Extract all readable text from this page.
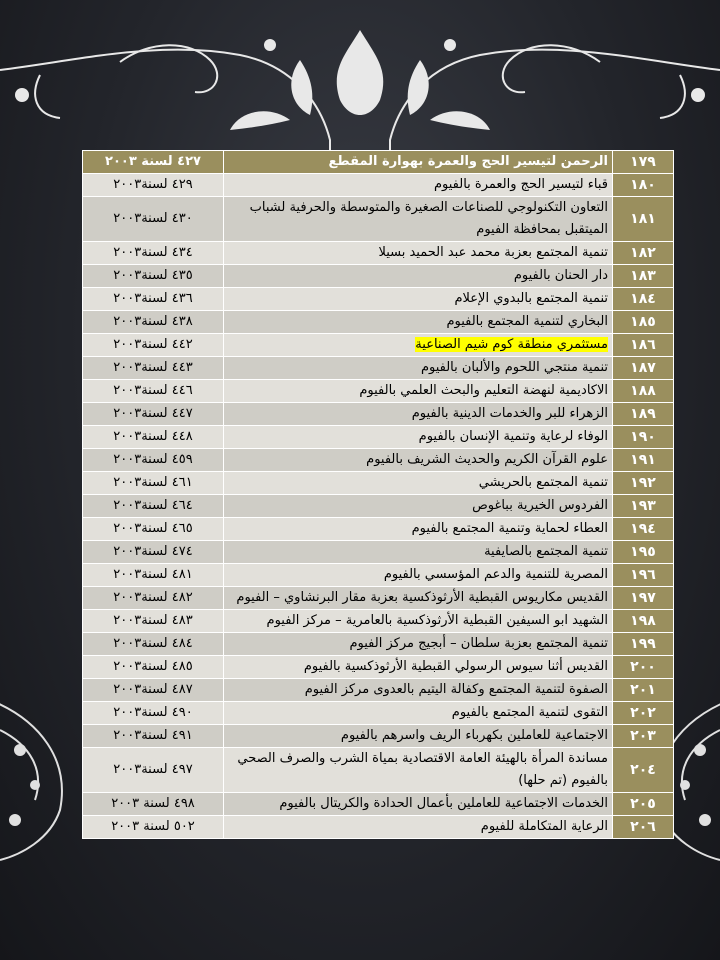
١٧٩	الرحمن لتيسير الحج والعمرة بهوارة المقطع	٤٢٧ لسنة ٢٠٠٣
١٨٠	قباء لتيسير الحج والعمرة بالفيوم	٤٢٩ لسنة٢٠٠٣
١٨١	التعاون التكنولوجي للصناعات الصغيرة والمتوسطة والحرفية لشباب الميتقبل بمحافظة الفيوم	٤٣٠ لسنة٢٠٠٣
١٨٢	تنمية المجتمع بعزبة محمد عبد الحميد بسيلا	٤٣٤ لسنة٢٠٠٣
١٨٣	دار الحنان بالفيوم	٤٣٥ لسنة٢٠٠٣
١٨٤	تنمية المجتمع بالبدوي الإعلام	٤٣٦ لسنة٢٠٠٣
١٨٥	البخاري لتنمية المجتمع بالفيوم	٤٣٨ لسنة٢٠٠٣
١٨٦	مستثمري منطقة كوم شيم الصناعية	٤٤٢ لسنة٢٠٠٣
١٨٧	تنمية منتجي اللحوم والألبان بالفيوم	٤٤٣ لسنة٢٠٠٣
١٨٨	الاكاديمية لنهضة التعليم والبحث العلمي بالفيوم	٤٤٦ لسنة٢٠٠٣
١٨٩	الزهراء للبر والخدمات الدينية بالفيوم	٤٤٧ لسنة٢٠٠٣
١٩٠	الوفاء لرعاية وتنمية الإنسان بالفيوم	٤٤٨ لسنة٢٠٠٣
١٩١	علوم القرآن الكريم والحديث الشريف بالفيوم	٤٥٩ لسنة٢٠٠٣
١٩٢	تنمية المجتمع بالحريشي	٤٦١ لسنة٢٠٠٣
١٩٣	الفردوس الخيرية بباغوص	٤٦٤ لسنة٢٠٠٣
١٩٤	العطاء لحماية وتنمية المجتمع بالفيوم	٤٦٥ لسنة٢٠٠٣
١٩٥	تنمية المجتمع بالصايفية	٤٧٤ لسنة٢٠٠٣
١٩٦	المصرية للتنمية والدعم المؤسسي بالفيوم	٤٨١ لسنة٢٠٠٣
١٩٧	القديس مكاريوس القبطية الأرثوذكسية بعزبة مقار البرنشاوي – الفيوم	٤٨٢ لسنة٢٠٠٣
١٩٨	الشهيد ابو السيفين القبطية الأرثوذكسية بالعامرية – مركز الفيوم	٤٨٣ لسنة٢٠٠٣
١٩٩	تنمية المجتمع بعزبة سلطان – أبجيج مركز الفيوم	٤٨٤ لسنة٢٠٠٣
٢٠٠	القديس أثنا سيوس الرسولي القبطية الأرثوذكسية بالفيوم	٤٨٥ لسنة٢٠٠٣
٢٠١	الصفوة لتنمية المجتمع وكفالة اليتيم بالعدوى مركز الفيوم	٤٨٧ لسنة٢٠٠٣
٢٠٢	التقوى لتنمية المجتمع بالفيوم	٤٩٠ لسنة٢٠٠٣
٢٠٣	الاجتماعية للعاملين بكهرباء الريف واسرهم بالفيوم	٤٩١ لسنة٢٠٠٣
٢٠٤	مساندة المرأة بالهيئة العامة الاقتصادية بمياة الشرب والصرف الصحي بالفيوم (تم حلها)	٤٩٧ لسنة٢٠٠٣
٢٠٥	الخدمات الاجتماعية للعاملين بأعمال الحدادة والكريتال بالفيوم	٤٩٨ لسنة ٢٠٠٣
٢٠٦	الرعاية المتكاملة للفيوم	٥٠٢ لسنة ٢٠٠٣
